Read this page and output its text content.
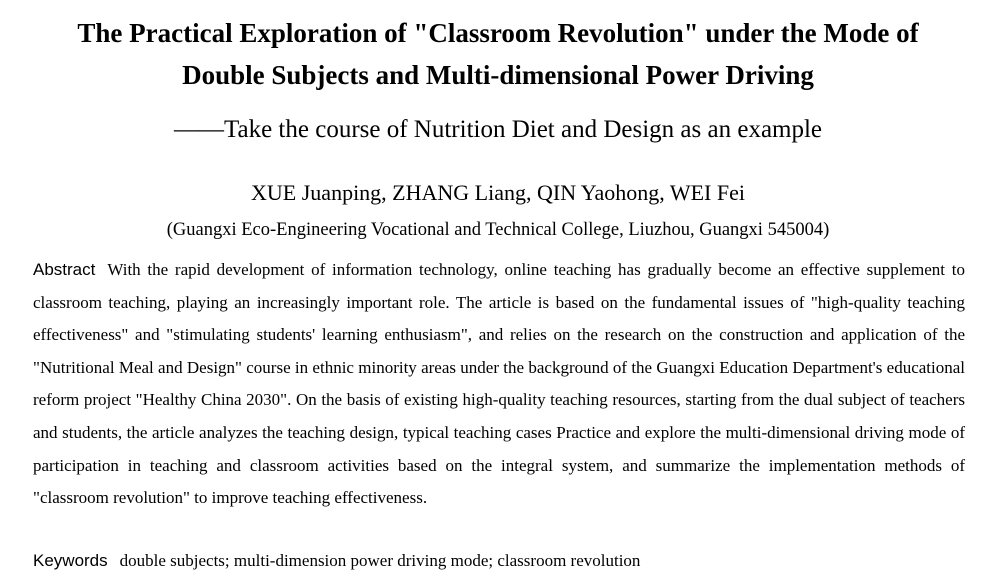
The Practical Exploration of "Classroom Revolution" under the Mode of
Double Subjects and Multi-dimensional Power Driving

——Take the course of Nutrition Diet and Design as an example

XUE Juanping, ZHANG Liang, QIN Yaohong, WEI Fei

(Guangxi Eco-Engineering Vocational and Technical College, Liuzhou, Guangxi 545004)

Abstract With the rapid development of information technology, online teaching has gradually become an effective supplement to classroom teaching, playing an increasingly important role. The article is based on the fundamental issues of "high-quality teaching effectiveness" and "stimulating students' learning enthusiasm", and relies on the research on the construction and application of the "Nutritional Meal and Design" course in ethnic minority areas under the background of the Guangxi Education Department's educational reform project "Healthy China 2030". On the basis of existing high-quality teaching resources, starting from the dual subject of teachers and students, the article analyzes the teaching design, typical teaching cases Practice and explore the multi-dimensional driving mode of participation in teaching and classroom activities based on the integral system, and summarize the implementation methods of "classroom revolution" to improve teaching effectiveness.

Keywords double subjects; multi-dimension power driving mode; classroom revolution
